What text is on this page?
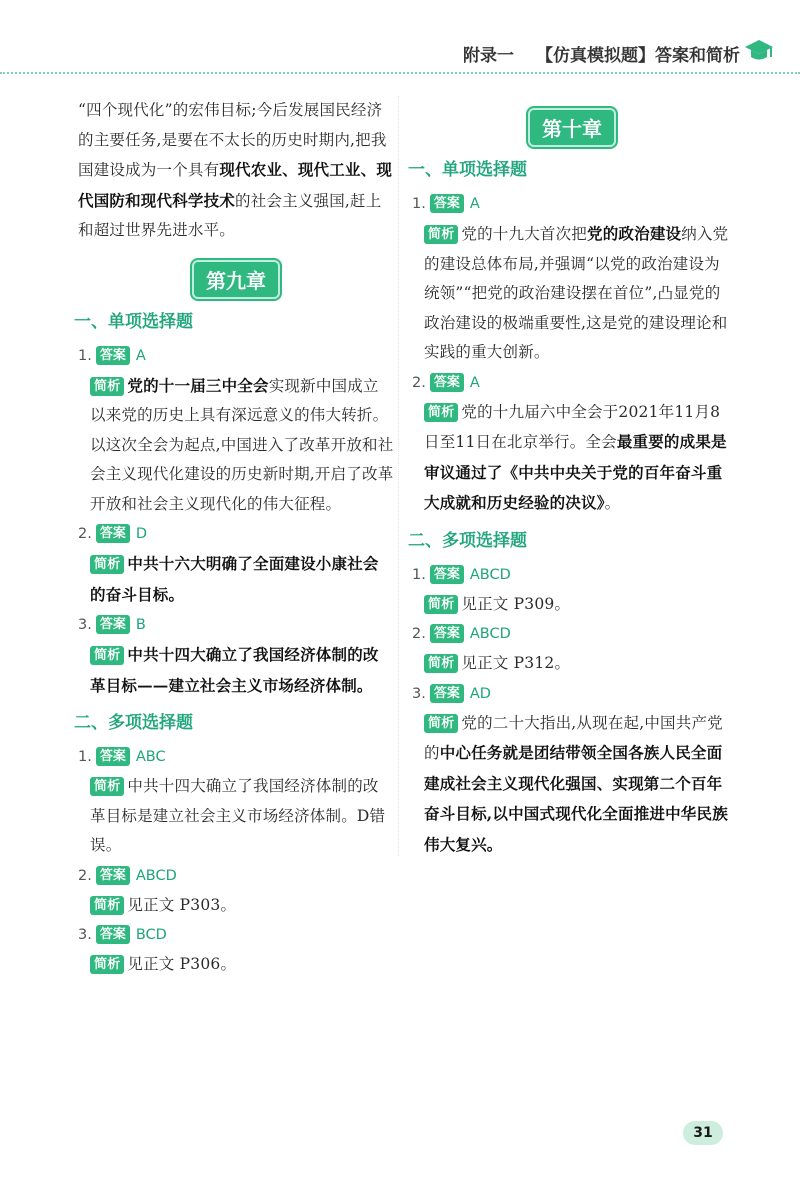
附录一 【仿真模拟题】答案和简析

“四个现代化”的宏伟目标;今后发展国民经济的主要任务,是要在不太长的历史时期内,把我国建设成为一个具有现代农业、现代工业、现代国防和现代科学技术的社会主义强国,赶上和超过世界先进水平。

第九章
一、单项选择题

1. 答案 A

简析 党的十一届三中全会实现新中国成立以来党的历史上具有深远意义的伟大转折。以这次全会为起点,中国进入了改革开放和社会主义现代化建设的历史新时期,开启了改革开放和社会主义现代化的伟大征程。

2. 答案 D

简析 中共十六大明确了全面建设小康社会的奋斗目标。

3. 答案 B

简析 中共十四大确立了我国经济体制的改革目标——建立社会主义市场经济体制。

二、多项选择题

1. 答案 ABC

简析 中共十四大确立了我国经济体制的改革目标是建立社会主义市场经济体制。D错误。

2. 答案 ABCD

简析 见正文 P303。

3. 答案 BCD

简析 见正文 P306。

第十章
一、单项选择题

1. 答案 A

简析 党的十九大首次把党的政治建设纳入党的建设总体布局,并强调“以党的政治建设为统领”“把党的政治建设摆在首位”,凸显党的政治建设的极端重要性,这是党的建设理论和实践的重大创新。

2. 答案 A

简析 党的十九届六中全会于2021年11月8日至11日在北京举行。全会最重要的成果是审议通过了《中共中央关于党的百年奋斗重大成就和历史经验的决议》。

二、多项选择题

1. 答案 ABCD

简析 见正文 P309。

2. 答案 ABCD

简析 见正文 P312。

3. 答案 AD

简析 党的二十大指出,从现在起,中国共产党的中心任务就是团结带领全国各族人民全面建成社会主义现代化强国、实现第二个百年奋斗目标,以中国式现代化全面推进中华民族伟大复兴。

31
